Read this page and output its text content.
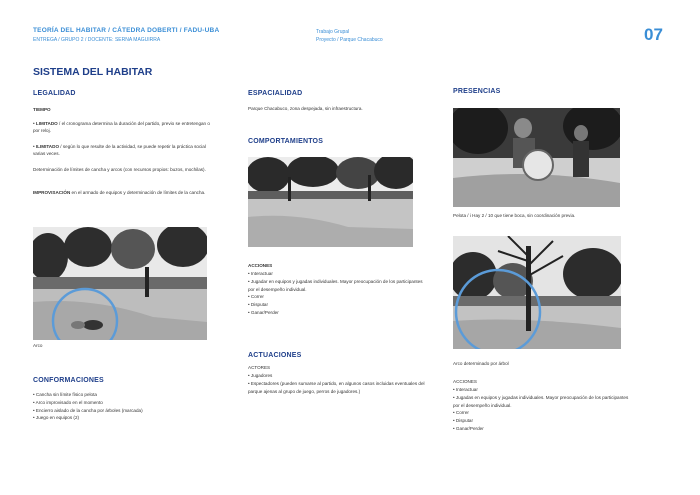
TEORÍA DEL HABITAR / CÁTEDRA DOBERTI / FADU-UBA
ENTREGA / GRUPO 2 / DOCENTE: SERNA MAGUIRRA
Trabajo Grupal
Proyecto / Parque Chacabuco	07
SISTEMA DEL HABITAR
LEGALIDAD
TIEMPO
• LIMITADO / el cronograma determina la duración del partido, previo se entretengan o por reloj.
• ILIMITADO / según lo que resulte de la actividad, se puede repetir la práctica social varias veces.
Determinación de límites de cancha y arcos (con recursos propios: buzos, mochilas).
IMPROVISACIÓN en el armado de equipos y determinación de límites de la cancha.
Arco
CONFORMACIONES
• Cancha sin límite físico pelota
• Arco improvisado en el momento
• Encierro aislado de la cancha por árboles (marcada)
• Juego en equipos (2)
ESPACIALIDAD
Parque Chacabuco, zona despejada, sin infraestructura.
COMPORTAMIENTOS
ACCIONES
• Interactuar
• Jugadar en equipos y jugadas individuales. Mayor preocupación de los participantes por el desempeño individual.
• Correr
• Disputar
• Ganar/Perder
ACTUACIONES
ACTORES
• Jugadores
• Espectadores (pueden sumarse al partido, en algunos casos incluidas eventuales del parque ajenas al grupo de juego, perros de jugadores.)
PRESENCIAS
Pelota / i Hay 2 / 10 que tiene boca, sin coordinación previa.
Arco determinado por árbol
ACCIONES
• Interactuar
• Jugadas en equipos y jugadas individuales. Mayor preocupación de los participantes por el desempeño individual.
• Correr
• Disputar
• Ganar/Perder
